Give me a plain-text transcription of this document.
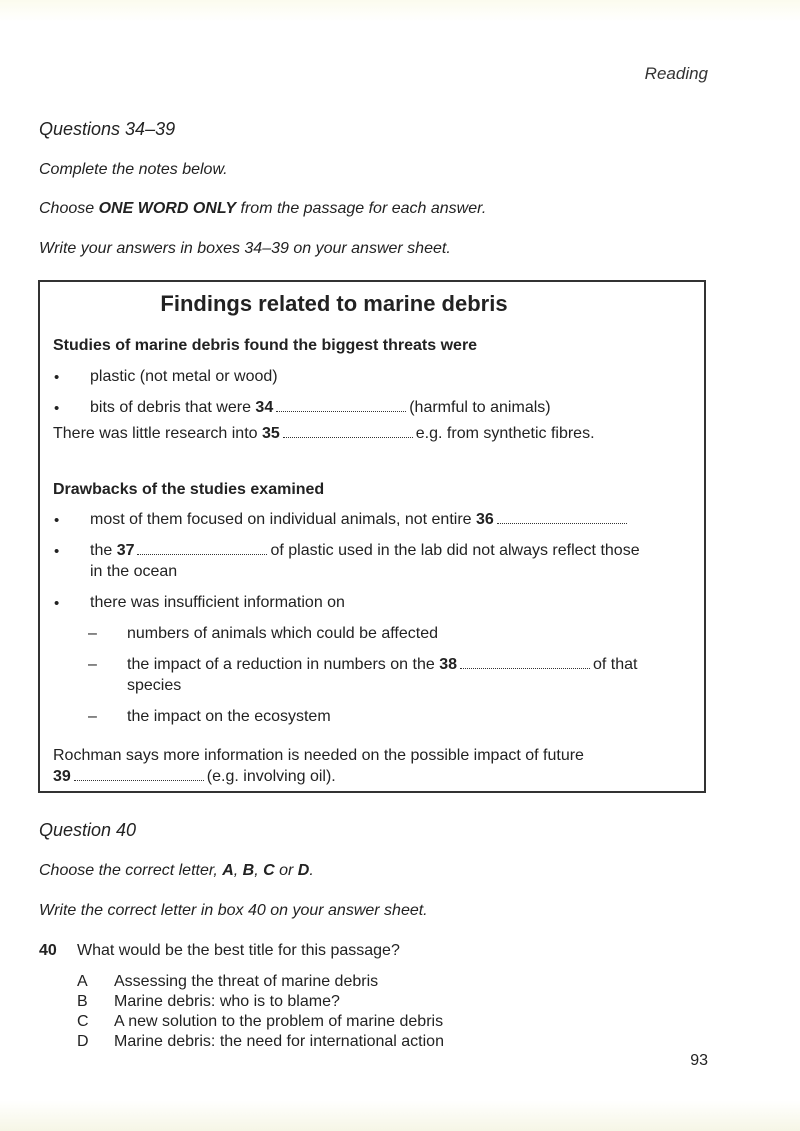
Reading
Questions 34–39
Complete the notes below.
Choose ONE WORD ONLY from the passage for each answer.
Write your answers in boxes 34–39 on your answer sheet.
Findings related to marine debris
Studies of marine debris found the biggest threats were
• plastic (not metal or wood)
• bits of debris that were 34	(harmful to animals)
There was little research into 35	e.g. from synthetic fibres.
Drawbacks of the studies examined
• most of them focused on individual animals, not entire 36
• the 37	of plastic used in the lab did not always reflect those
in the ocean
• there was insufficient information on
– numbers of animals which could be affected
– the impact of a reduction in numbers on the 38	of that
species
– the impact on the ecosystem
Rochman says more information is needed on the possible impact of future
39	(e.g. involving oil).
Question 40
Choose the correct letter, A, B, C or D.
Write the correct letter in box 40 on your answer sheet.
40 What would be the best title for this passage?
A Assessing the threat of marine debris
B Marine debris: who is to blame?
C A new solution to the problem of marine debris
D Marine debris: the need for international action
93
